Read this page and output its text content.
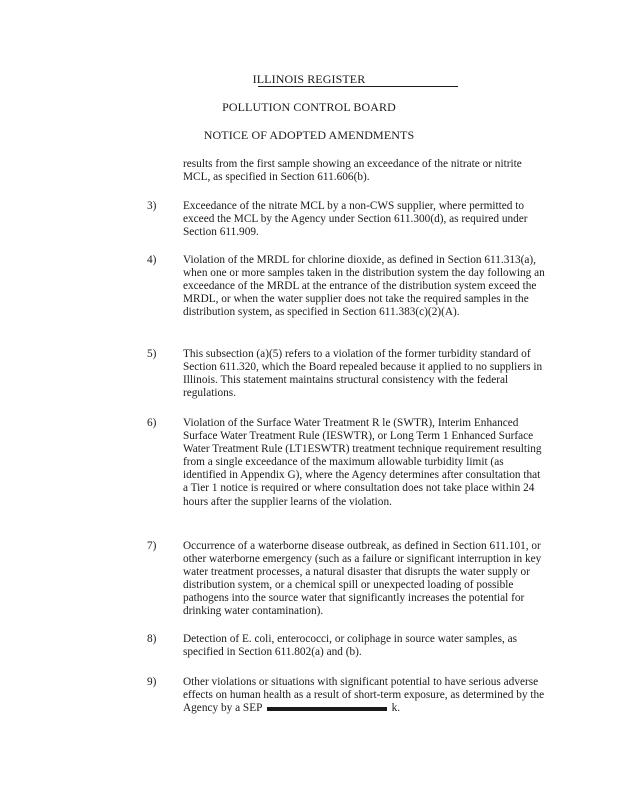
ILLINOIS REGISTER
POLLUTION CONTROL BOARD
NOTICE OF ADOPTED AMENDMENTS
results from the first sample showing an exceedance of the nitrate or nitrite MCL, as specified in Section 611.606(b).
3)	Exceedance of the nitrate MCL by a non-CWS supplier, where permitted to exceed the MCL by the Agency under Section 611.300(d), as required under Section 611.909.
4)	Violation of the MRDL for chlorine dioxide, as defined in Section 611.313(a), when one or more samples taken in the distribution system the day following an exceedance of the MRDL at the entrance of the distribution system exceed the MRDL, or when the water supplier does not take the required samples in the distribution system, as specified in Section 611.383(c)(2)(A).
5)	This subsection (a)(5) refers to a violation of the former turbidity standard of Section 611.320, which the Board repealed because it applied to no suppliers in Illinois. This statement maintains structural consistency with the federal regulations.
6)	Violation of the Surface Water Treatment R le (SWTR), Interim Enhanced Surface Water Treatment Rule (IESWTR), or Long Term 1 Enhanced Surface Water Treatment Rule (LT1ESWTR) treatment technique requirement resulting from a single exceedance of the maximum allowable turbidity limit (as identified in Appendix G), where the Agency determines after consultation that a Tier 1 notice is required or where consultation does not take place within 24 hours after the supplier learns of the violation.
7)	Occurrence of a waterborne disease outbreak, as defined in Section 611.101, or other waterborne emergency (such as a failure or significant interruption in key water treatment processes, a natural disaster that disrupts the water supply or distribution system, or a chemical spill or unexpected loading of possible pathogens into the source water that significantly increases the potential for drinking water contamination).
8)	Detection of E. coli, enterococci, or coliphage in source water samples, as specified in Section 611.802(a) and (b).
9)	Other violations or situations with significant potential to have serious adverse effects on human health as a result of short-term exposure, as determined by the Agency by a SEP	k.
